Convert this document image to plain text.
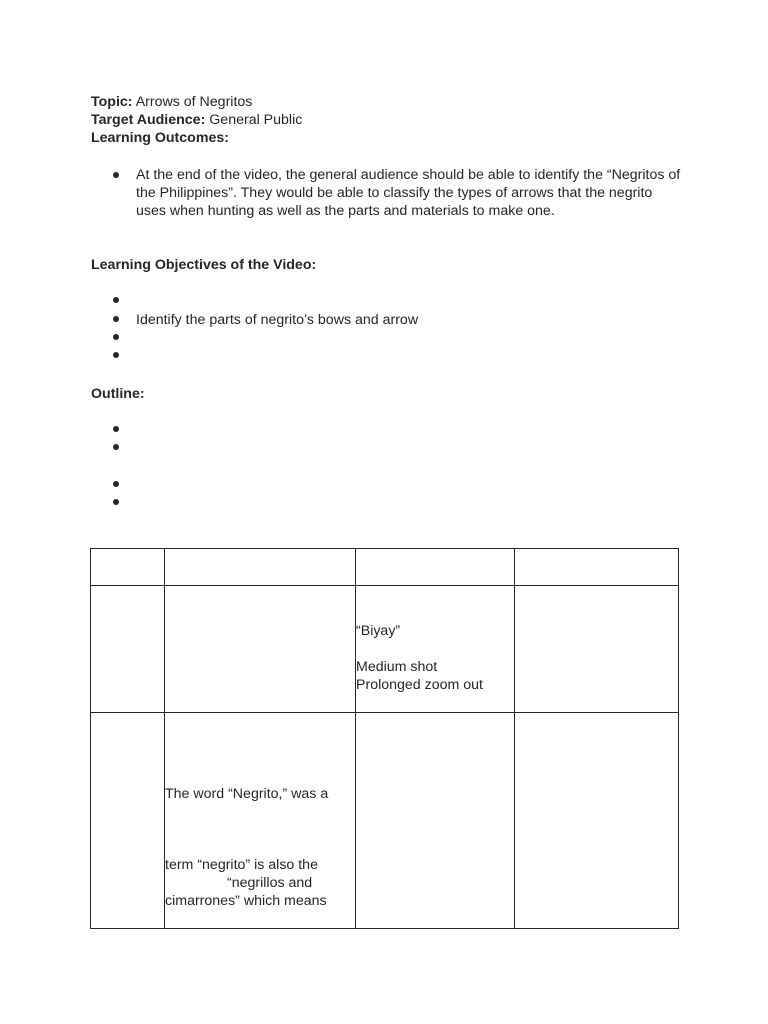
Topic: Arrows of Negritos
Target Audience: General Public
Learning Outcomes:
At the end of the video, the general audience should be able to identify the “Negritos of the Philippines”. They would be able to classify the types of arrows that the negrito uses when hunting as well as the parts and materials to make one.
Learning Objectives of the Video:
Identify the parts of negrito’s bows and arrow
Outline:

		“Biyay”
Medium shot
Prolonged zoom out	

	The word “Negrito,” was a
term “negrito” is also the
“negrillos and
cimarrones” which means		
